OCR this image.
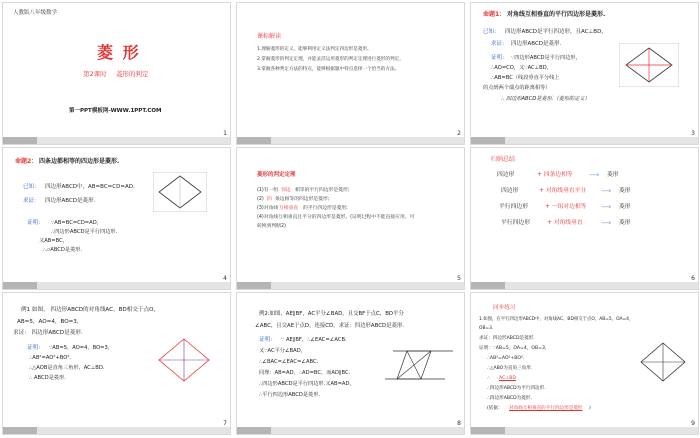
人教版八年级数学
菱 形
第2课时 菱形的判定
第一PPT模板网-WWW.1PPT.COM
1
课标解读
1.理解菱形的定义，能够利用定义法判定四边形是菱形。
2.掌握菱形的判定定理，并能灵活运用菱形的判定定理进行菱形的判定。
3.掌握各种判定方法的特点，能够根据题中特点选择一个恰当的方法。
2
命题1： 对角线互相垂直的平行四边形是菱形.
已知： 四边形ABCD是平行四边形，且AC⊥BD，
求证： 四边形ABCD是菱形.
证明： ∵四边形ABCD是平行四边形，
∴AO=CO，又∵AC⊥BD，
∴AB=BC（线段垂直平分线上
的点到两个端点的距离相等）
∴ 四边形ABCD是菱形.（菱形的定义）
3
命题2： 四条边都相等的四边形是菱形.
已知： 四边形ABCD中，AB=BC=CD=AD.
求证： 四边形ABCD是菱形.
证明： ∵AB=BC=CD=AD，
∴四边形ABCD是平行四边形.
又AB=BC，
∴▱ABCD是菱形.
4
菱形的判定定理
(1)有一组 邻边 相等的平行四边形是菱形;
(2) 四 条边相等的四边形是菱形;
(3)对角线 互相垂直 的平行四边形是菱形;
(4)对角线互相垂直且平分的四边形是菱形。(证明过程中不能直接应用。可
转换到判断2)
5
归纳总结
四边形	+ 四条边相等 ⟶ 菱形
四边形	+ 对角线垂直平分 ⟶ 菱形
平行四边形	+ 一组对边相等 ⟶ 菱形
平行四边形	+ 对角线垂直	⟶ 菱形
6
例1 如图， 四边形ABCD的对角线AC、BD相交于点O，
AB=5，AO=4，BO=3，
求证： 四边形ABCD是菱形.
证明： ∵AB=5，AO=4，BO=3，
∴AB²=AO²+BO².
∴△AOB是直角三角形，AC⊥BD.
∴ ABCD是菱形.
7
例2:如图，AE∥BF，AC平分∠BAD，且交BF于点C，BD平分
∠ABC，且交AE于点D，连接CD，求证：四边形ABCD是菱形.
证明： ∵ AE∥BF，∴∠EAC=∠ACB.
又∵AC平分∠BAD，
∴∠BAC=∠EAC=∠ABC.
同理：AB=AD，∴AD=BC，而AD∥BC.
∴四边形ABCD是平行四边形.又AB=AD，
∴平行四边形ABCD是菱形.
8
同步练习
1.如图，在平行四边形ABCD中，对角线AC、BD相交于点O，AB=5，OA=4，
OB=3.
求证：四边形ABCD是菱形.
证明：∵AB=5，OA=4，OB=3，
∴AB²=AO²+BO².
∴△ABO为直角三角形.
∴ AC⊥BD
∴四边形ABCD为平行四边形.
∴四边形ABCD为菱形.
(依据： 对角线互相垂直的平行四边形是菱形 )
9
